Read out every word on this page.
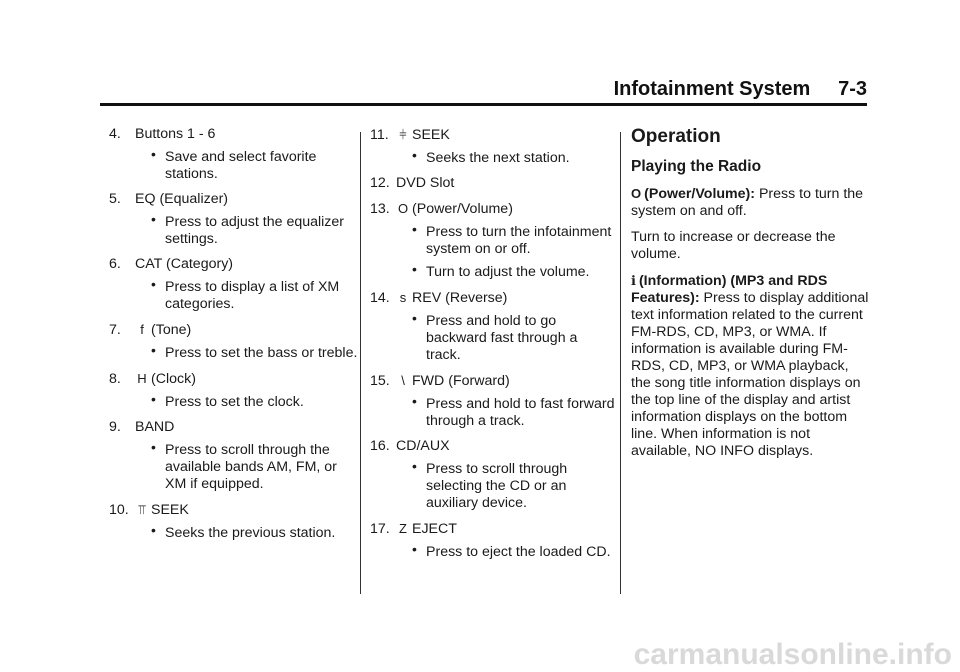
Infotainment System     7-3
4. Buttons 1 - 6
• Save and select favorite stations.
5. EQ (Equalizer)
• Press to adjust the equalizer settings.
6. CAT (Category)
• Press to display a list of XM categories.
7.	f (Tone)
• Press to set the bass or treble.
8.	H (Clock)
• Press to set the clock.
9. BAND
• Press to scroll through the available bands AM, FM, or XM if equipped.
10. ⫪ SEEK
• Seeks the previous station.
11. ⫩ SEEK
• Seeks the next station.
12. DVD Slot
13. O (Power/Volume)
• Press to turn the infotainment system on or off.
• Turn to adjust the volume.
14. s REV (Reverse)
• Press and hold to go backward fast through a track.
15. \ FWD (Forward)
• Press and hold to fast forward through a track.
16. CD/AUX
• Press to scroll through selecting the CD or an auxiliary device.
17. Z EJECT
• Press to eject the loaded CD.
Operation
Playing the Radio
O (Power/Volume): Press to turn the system on and off.
Turn to increase or decrease the volume.
ℹ (Information) (MP3 and RDS Features): Press to display additional text information related to the current FM-RDS, CD, MP3, or WMA. If information is available during FM-RDS, CD, MP3, or WMA playback, the song title information displays on the top line of the display and artist information displays on the bottom line. When information is not available, NO INFO displays.
carmanualsonline.info
